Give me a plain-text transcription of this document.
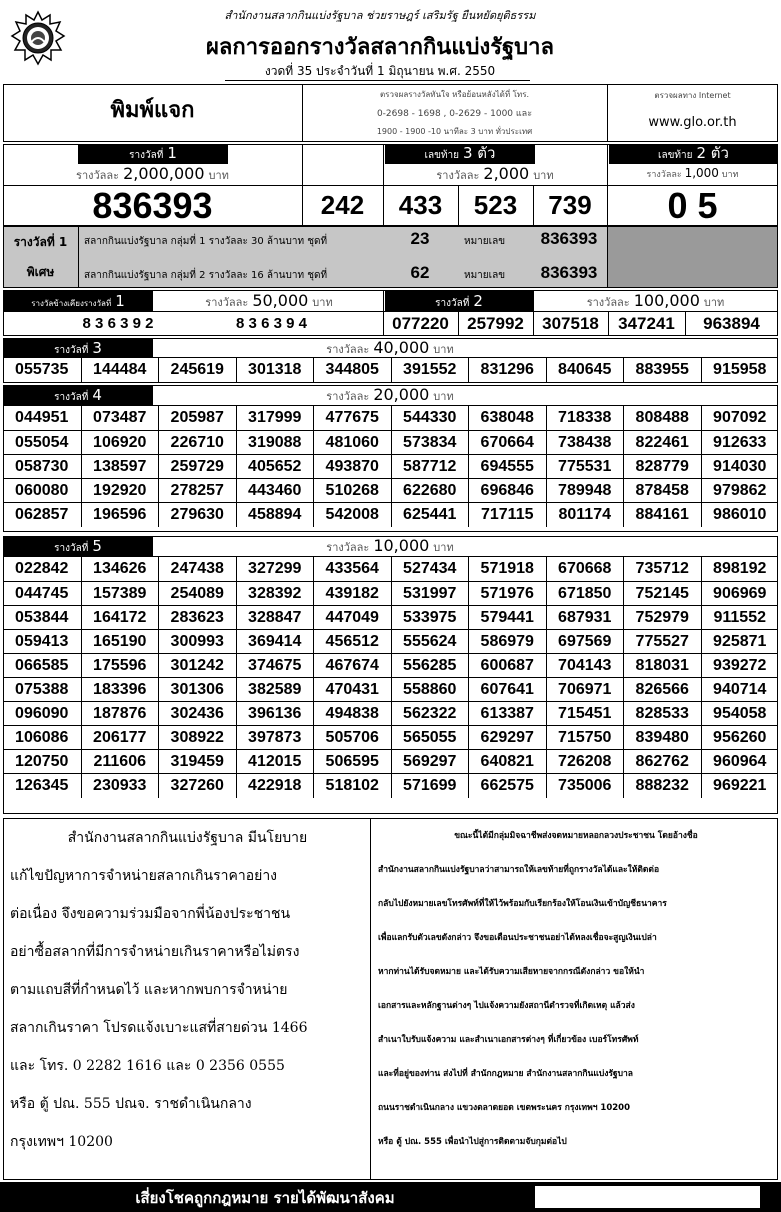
สำนักงานสลากกินแบ่งรัฐบาล ช่วยราษฎร์ เสริมรัฐ ยืนหยัดยุติธรรม
ผลการออกรางวัลสลากกินแบ่งรัฐบาล
งวดที่ 35 ประจำวันที่ 1 มิถุนายน พ.ศ. 2550
พิมพ์แจก
ตรวจผลรางวัลทันใจ หรือย้อนหลังได้ที่ โทร.
0-2698 - 1698 , 0-2629 - 1000 และ
1900 - 1900 -10 นาทีละ 3 บาท ทั่วประเทศ
ตรวจผลทาง Internet
www.glo.or.th
รางวัลที่ 1
รางวัลละ 2,000,000 บาท
836393
เลขท้าย 3 ตัว
รางวัลละ 2,000 บาท
242	433	523	739
เลขท้าย 2 ตัว
รางวัลละ 1,000 บาท
0 5
รางวัลที่ 1
พิเศษ
สลากกินแบ่งรัฐบาล กลุ่มที่ 1 รางวัลละ 30 ล้านบาท ชุดที่	23	หมายเลข	836393
สลากกินแบ่งรัฐบาล กลุ่มที่ 2 รางวัลละ 16 ล้านบาท ชุดที่	62	หมายเลข	836393
รางวัลข้างเคียงรางวัลที่ 1	รางวัลละ 50,000 บาท
8 3 6 3 9 2	8 3 6 3 9 4
รางวัลที่ 2	รางวัลละ 100,000 บาท
077220	257992	307518	347241	963894
รางวัลที่ 3	รางวัลละ 40,000 บาท
055735	144484	245619	301318	344805	391552	831296	840645	883955	915958
รางวัลที่ 4	รางวัลละ 20,000 บาท
044951	073487	205987	317999	477675	544330	638048	718338	808488	907092
055054	106920	226710	319088	481060	573834	670664	738438	822461	912633
058730	138597	259729	405652	493870	587712	694555	775531	828779	914030
060080	192920	278257	443460	510268	622680	696846	789948	878458	979862
062857	196596	279630	458894	542008	625441	717115	801174	884161	986010
รางวัลที่ 5	รางวัลละ 10,000 บาท
022842	134626	247438	327299	433564	527434	571918	670668	735712	898192
044745	157389	254089	328392	439182	531997	571976	671850	752145	906969
053844	164172	283623	328847	447049	533975	579441	687931	752979	911552
059413	165190	300993	369414	456512	555624	586979	697569	775527	925871
066585	175596	301242	374675	467674	556285	600687	704143	818031	939272
075388	183396	301306	382589	470431	558860	607641	706971	826566	940714
096090	187876	302436	396136	494838	562322	613387	715451	828533	954058
106086	206177	308922	397873	505706	565055	629297	715750	839480	956260
120750	211606	319459	412015	506595	569297	640821	726208	862762	960964
126345	230933	327260	422918	518102	571699	662575	735006	888232	969221
สำนักงานสลากกินแบ่งรัฐบาล มีนโยบาย
แก้ไขปัญหาการจำหน่ายสลากเกินราคาอย่าง
ต่อเนื่อง จึงขอความร่วมมือจากพี่น้องประชาชน
อย่าซื้อสลากที่มีการจำหน่ายเกินราคาหรือไม่ตรง
ตามแถบสีที่กำหนดไว้ และหากพบการจำหน่าย
สลากเกินราคา โปรดแจ้งเบาะแสที่สายด่วน 1466
และ โทร. 0 2282 1616 และ 0 2356 0555
หรือ ตู้ ปณ. 555 ปณจ. ราชดำเนินกลาง
กรุงเทพฯ 10200
ขณะนี้ได้มีกลุ่มมิจฉาชีพส่งจดหมายหลอกลวงประชาชน โดยอ้างชื่อ
สำนักงานสลากกินแบ่งรัฐบาลว่าสามารถให้เลขท้ายที่ถูกรางวัลได้และให้ติดต่อ
กลับไปยังหมายเลขโทรศัพท์ที่ให้ไว้พร้อมกับเรียกร้องให้โอนเงินเข้าบัญชีธนาคาร
เพื่อแลกรับตัวเลขดังกล่าว จึงขอเตือนประชาชนอย่าได้หลงเชื่อจะสูญเงินเปล่า
หากท่านได้รับจดหมาย และได้รับความเสียหายจากกรณีดังกล่าว ขอให้นำ
เอกสารและหลักฐานต่างๆ ไปแจ้งความยังสถานีตำรวจที่เกิดเหตุ แล้วส่ง
สำเนาใบรับแจ้งความ และสำเนาเอกสารต่างๆ ที่เกี่ยวข้อง เบอร์โทรศัพท์
และที่อยู่ของท่าน ส่งไปที่ สำนักกฎหมาย สำนักงานสลากกินแบ่งรัฐบาล
ถนนราชดำเนินกลาง แขวงตลาดยอด เขตพระนคร กรุงเทพฯ 10200
หรือ ตู้ ปณ. 555 เพื่อนำไปสู่การติดตามจับกุมต่อไป
เสี่ยงโชคถูกกฎหมาย รายได้พัฒนาสังคม
